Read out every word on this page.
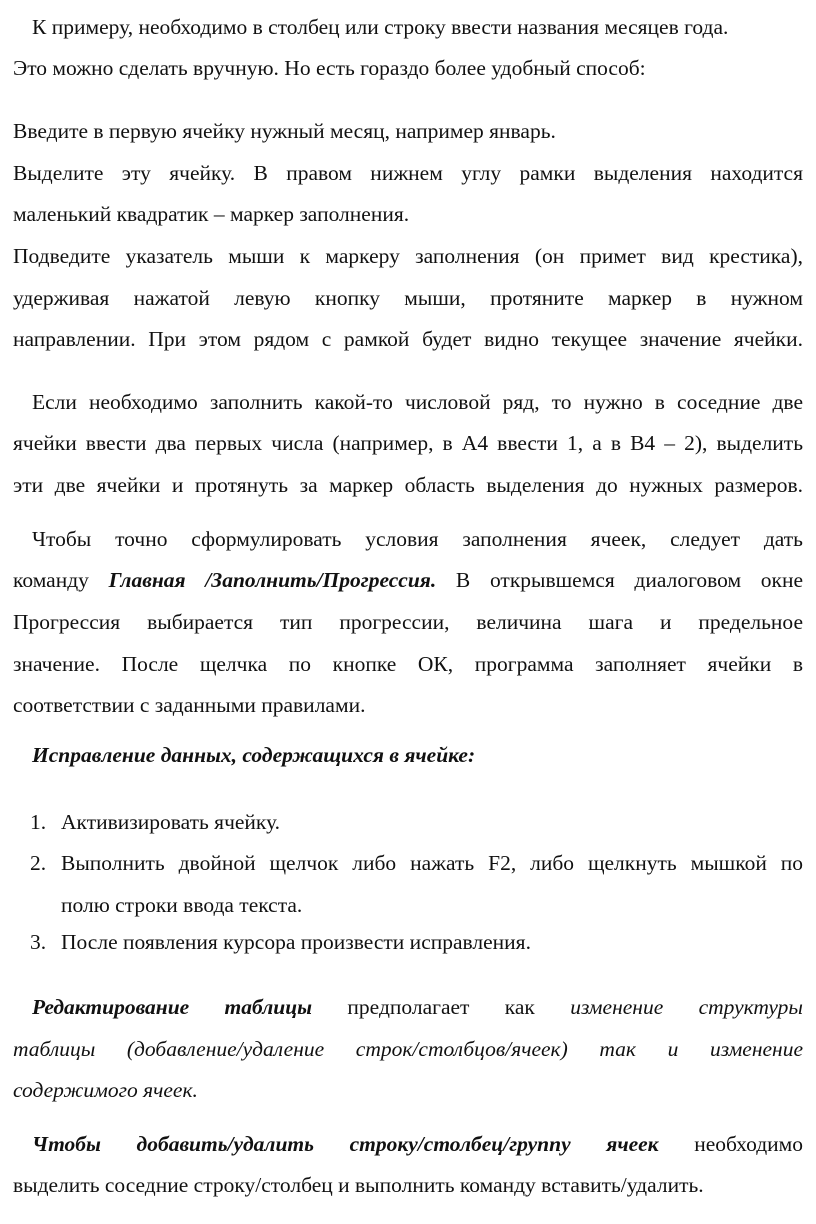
К примеру, необходимо в столбец или строку ввести названия месяцев года.
Это можно сделать вручную. Но есть гораздо более удобный способ:
Введите в первую ячейку нужный месяц, например январь.
Выделите эту ячейку. В правом нижнем углу рамки выделения находится
маленький квадратик – маркер заполнения.
Подведите указатель мыши к маркеру заполнения (он примет вид крестика),
удерживая нажатой левую кнопку мыши, протяните маркер в нужном
направлении. При этом рядом с рамкой будет видно текущее значение ячейки.
Если необходимо заполнить какой-то числовой ряд, то нужно в соседние две
ячейки ввести два первых числа (например, в А4 ввести 1, а в В4 – 2), выделить
эти две ячейки и протянуть за маркер область выделения до нужных размеров.
Чтобы точно сформулировать условия заполнения ячеек, следует дать
команду Главная /Заполнить/Прогрессия. В открывшемся диалоговом окне
Прогрессия выбирается тип прогрессии, величина шага и предельное
значение. После щелчка по кнопке ОК, программа заполняет ячейки в
соответствии с заданными правилами.
Исправление данных, содержащихся в ячейке:
1. Активизировать ячейку.
2. Выполнить двойной щелчок либо нажать F2, либо щелкнуть мышкой по
полю строки ввода текста.
3. После появления курсора произвести исправления.
Редактирование таблицы предполагает как изменение структуры
таблицы (добавление/удаление строк/столбцов/ячеек) так и изменение
содержимого ячеек.
Чтобы добавить/удалить строку/столбец/группу ячеек необходимо
выделить соседние строку/столбец и выполнить команду вставить/удалить.
